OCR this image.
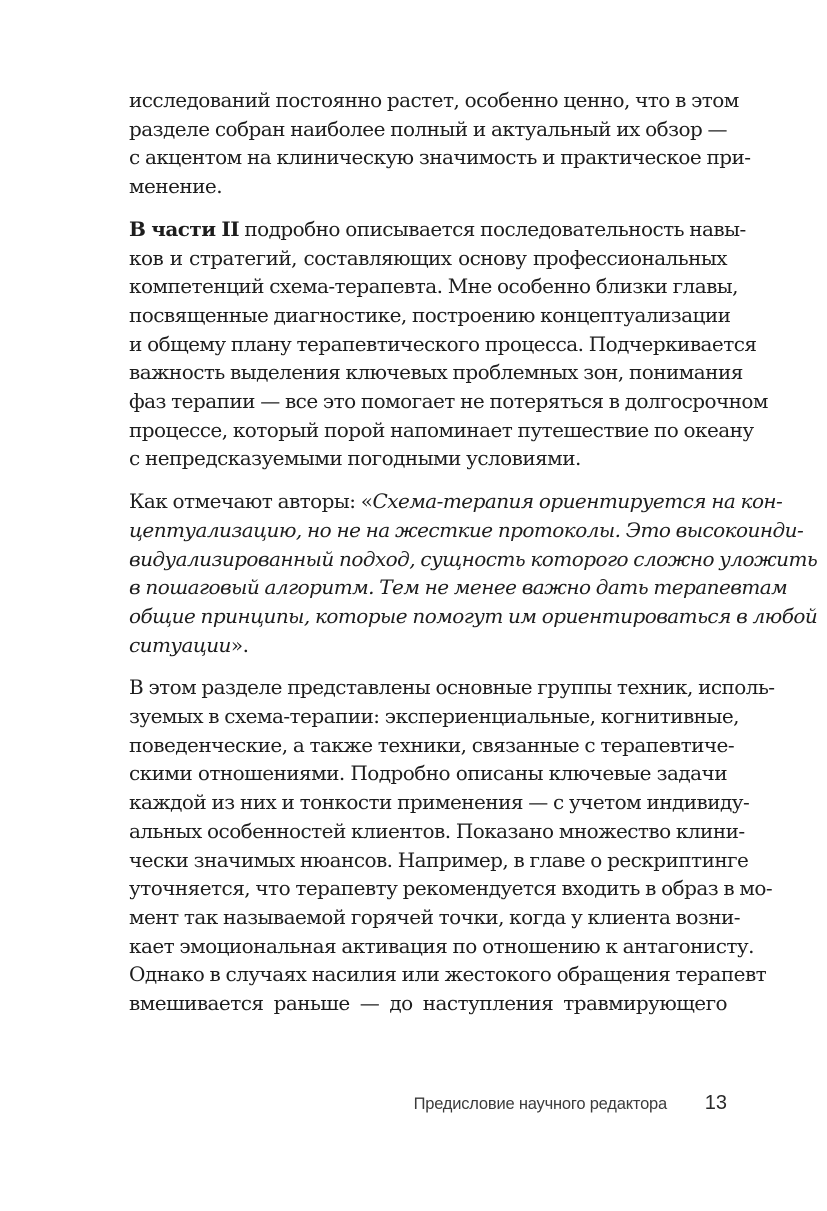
исследований постоянно растет, особенно ценно, что в этом
разделе собран наиболее полный и актуальный их обзор —
с акцентом на клиническую значимость и практическое при-
менение.
В части II подробно описывается последовательность навы-
ков и стратегий, составляющих основу профессиональных
компетенций схема-терапевта. Мне особенно близки главы,
посвященные диагностике, построению концептуализации
и общему плану терапевтического процесса. Подчеркивается
важность выделения ключевых проблемных зон, понимания
фаз терапии — все это помогает не потеряться в долгосрочном
процессе, который порой напоминает путешествие по океану
с непредсказуемыми погодными условиями.
Как отмечают авторы: «Схема-терапия ориентируется на кон-
цептуализацию, но не на жесткие протоколы. Это высокоинди-
видуализированный подход, сущность которого сложно уложить
в пошаговый алгоритм. Тем не менее важно дать терапевтам
общие принципы, которые помогут им ориентироваться в любой
ситуации».
В этом разделе представлены основные группы техник, исполь-
зуемых в схема-терапии: экспериенциальные, когнитивные,
поведенческие, а также техники, связанные с терапевтиче-
скими отношениями. Подробно описаны ключевые задачи
каждой из них и тонкости применения — с учетом индивиду-
альных особенностей клиентов. Показано множество клини-
чески значимых нюансов. Например, в главе о рескриптинге
уточняется, что терапевту рекомендуется входить в образ в мо-
мент так называемой горячей точки, когда у клиента возни-
кает эмоциональная активация по отношению к антагонисту.
Однако в случаях насилия или жестокого обращения терапевт
вмешивается раньше — до наступления травмирующего
Предисловие научного редактора 13
